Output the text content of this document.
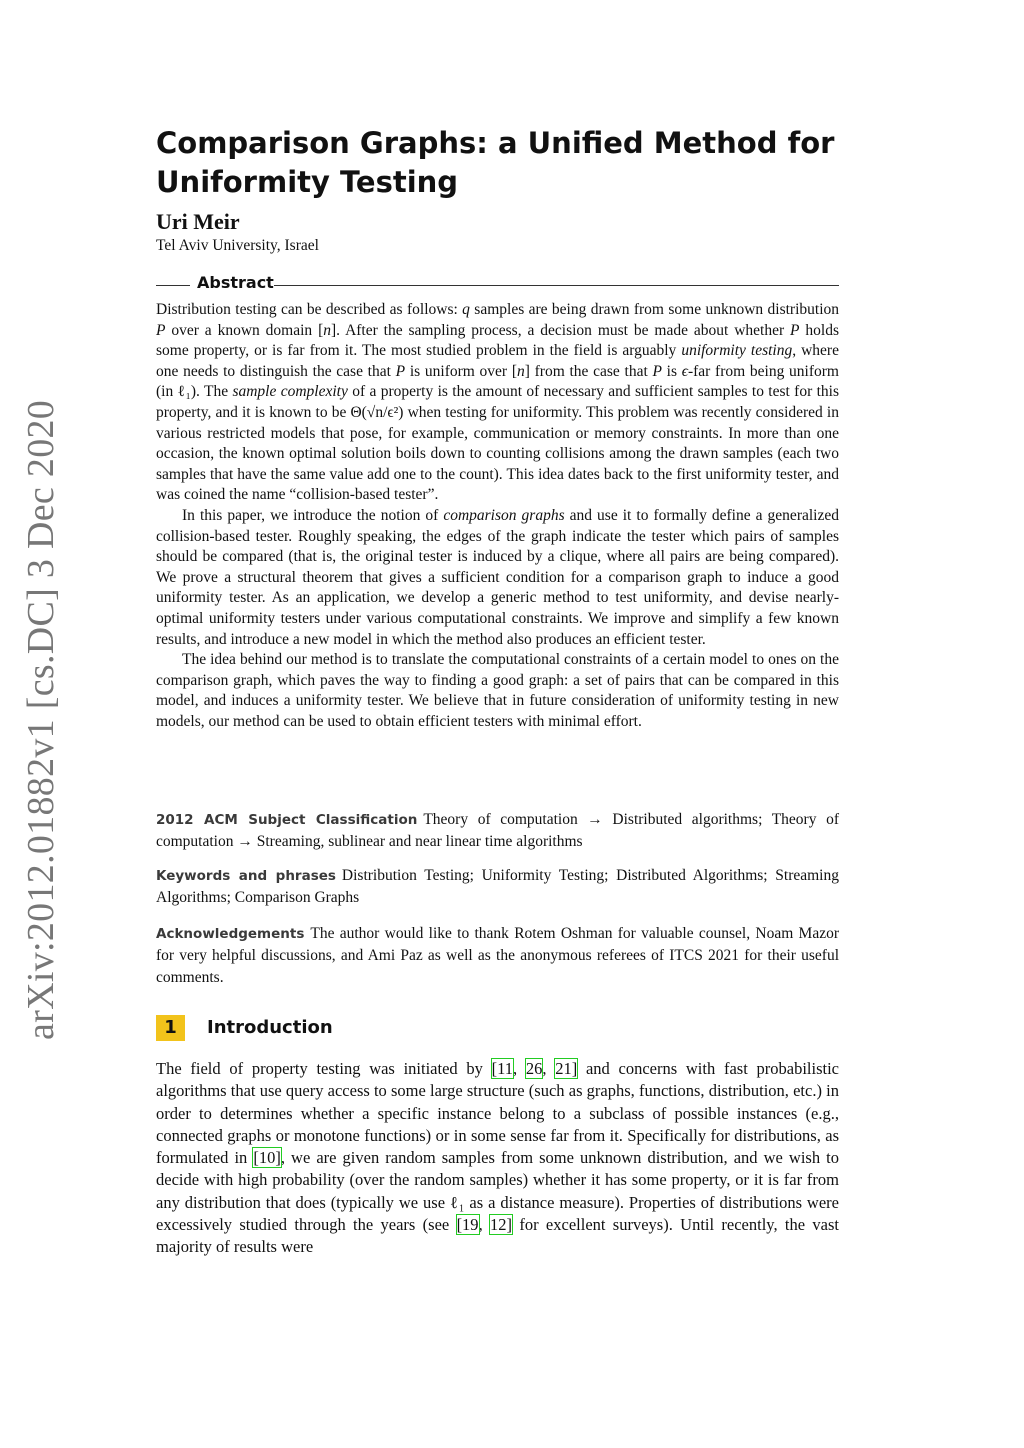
arXiv:2012.01882v1 [cs.DC] 3 Dec 2020
Comparison Graphs: a Unified Method for Uniformity Testing
Uri Meir
Tel Aviv University, Israel
Abstract

Distribution testing can be described as follows: q samples are being drawn from some unknown distribution P over a known domain [n]. After the sampling process, a decision must be made about whether P holds some property, or is far from it. The most studied problem in the field is arguably uniformity testing, where one needs to distinguish the case that P is uniform over [n] from the case that P is ϵ-far from being uniform (in ℓ₁). The sample complexity of a property is the amount of necessary and sufficient samples to test for this property, and it is known to be Θ(√n/ϵ²) when testing for uniformity. This problem was recently considered in various restricted models that pose, for example, communication or memory constraints. In more than one occasion, the known optimal solution boils down to counting collisions among the drawn samples (each two samples that have the same value add one to the count). This idea dates back to the first uniformity tester, and was coined the name “collision-based tester”.

In this paper, we introduce the notion of comparison graphs and use it to formally define a generalized collision-based tester. Roughly speaking, the edges of the graph indicate the tester which pairs of samples should be compared (that is, the original tester is induced by a clique, where all pairs are being compared). We prove a structural theorem that gives a sufficient condition for a comparison graph to induce a good uniformity tester. As an application, we develop a generic method to test uniformity, and devise nearly-optimal uniformity testers under various computational constraints. We improve and simplify a few known results, and introduce a new model in which the method also produces an efficient tester.

The idea behind our method is to translate the computational constraints of a certain model to ones on the comparison graph, which paves the way to finding a good graph: a set of pairs that can be compared in this model, and induces a uniformity tester. We believe that in future consideration of uniformity testing in new models, our method can be used to obtain efficient testers with minimal effort.

2012 ACM Subject Classification Theory of computation → Distributed algorithms; Theory of computation → Streaming, sublinear and near linear time algorithms
Keywords and phrases Distribution Testing; Uniformity Testing; Distributed Algorithms; Streaming Algorithms; Comparison Graphs
Acknowledgements The author would like to thank Rotem Oshman for valuable counsel, Noam Mazor for very helpful discussions, and Ami Paz as well as the anonymous referees of ITCS 2021 for their useful comments.
1	Introduction
The field of property testing was initiated by [11, 26, 21] and concerns with fast probabilistic algorithms that use query access to some large structure (such as graphs, functions, distribution, etc.) in order to determines whether a specific instance belong to a subclass of possible instances (e.g., connected graphs or monotone functions) or in some sense far from it. Specifically for distributions, as formulated in [10], we are given random samples from some unknown distribution, and we wish to decide with high probability (over the random samples) whether it has some property, or it is far from any distribution that does (typically we use ℓ₁ as a distance measure). Properties of distributions were excessively studied through the years (see [19, 12] for excellent surveys). Until recently, the vast majority of results were
